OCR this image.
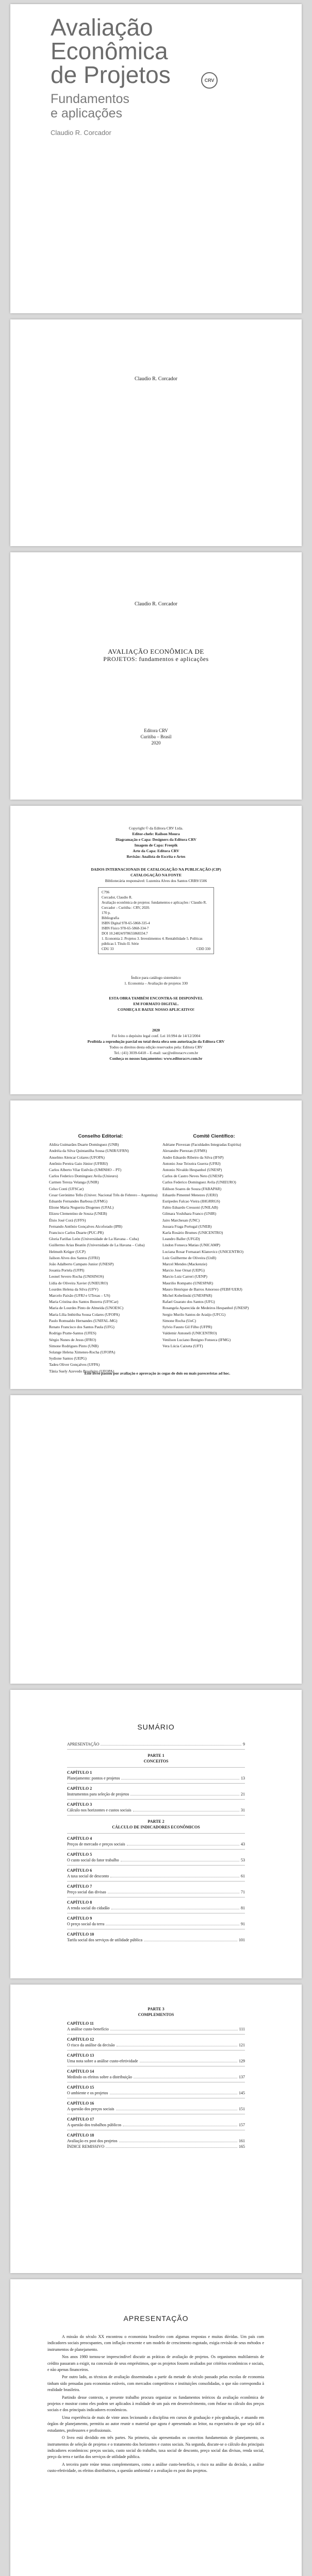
Avaliação
Econômica
de Projetos	CRV
Fundamentos
e aplicações
Claudio R. Corcador
Claudio R. Corcador
Claudio R. Corcador
AVALIAÇÃO ECONÔMICA DE
PROJETOS: fundamentos e aplicações
Editora CRV
Curitiba – Brasil
2020
Copyright © da Editora CRV Ltda.
Editor-chefe: Railson Moura
Diagramação e Capa: Designers da Editora CRV
Imagem de Capa: Freepik
Arte da Capa: Editora CRV
Revisão: Analista de Escrita e Artes
DADOS INTERNACIONAIS DE CATALOGAÇÃO NA PUBLICAÇÃO (CIP)
CATALOGAÇÃO NA FONTE
Bibliotecária responsável: Luzenira Alves dos Santos CRB9/1506
C796
Corcador, Claudio R.
Avaliação econômica de projetos: fundamentos e aplicações / Claudio R. Corcador – Curitiba : CRV, 2020.
170 p.
Bibliografia
ISBN Digital 978-65-5868-335-4
ISBN Físico 978-65-5868-334-7
DOI 10.24824/978655868334.7
1. Economia 2. Projetos 3. Investimentos 4. Rentabilidade 5. Políticas públicas I. Título II. Série
CDU 33	CDD 330
Índice para catálogo sistemático
1. Economia – Avaliação de projetos 330
ESTA OBRA TAMBÉM ENCONTRA-SE DISPONÍVEL
EM FORMATO DIGITAL.
CONHEÇA E BAIXE NOSSO APLICATIVO!
2020
Foi feito o depósito legal conf. Lei 10.994 de 14/12/2004
Proibida a reprodução parcial ou total desta obra sem autorização da Editora CRV
Todos os direitos desta edição reservados pela: Editora CRV
Tel.: (41) 3039-6418 – E-mail: sac@editoracrv.com.br
Conheça os nossos lançamentos: www.editoracrv.com.br
Conselho Editorial:
Aldira Guimarães Duarte Domínguez (UNB)
Andréia da Silva Quintanilha Sousa (UNIR/UFRN)
Anselmo Alencar Colares (UFOPA)
Antônio Pereira Gaio Júnior (UFRRJ)
Carlos Alberto Vilar Estêvão (UMINHO – PT)
Carlos Federico Dominguez Avila (Unieuro)
Carmen Tereza Velanga (UNIR)
Celso Conti (UFSCar)
Cesar Gerónimo Tello (Univer. Nacional Três de Febrero – Argentina)
Eduardo Fernandes Barbosa (UFMG)
Elione Maria Nogueira Diogenes (UFAL)
Elizeu Clementino de Souza (UNEB)
Élsio José Corá (UFFS)
Fernando Antônio Gonçalves Alcoforado (IPB)
Francisco Carlos Duarte (PUC-PR)
Gloria Fariñas León (Universidade de La Havana – Cuba)
Guillermo Arias Beatón (Universidade de La Havana – Cuba)
Helmuth Krüger (UCP)
Jailson Alves dos Santos (UFRJ)
João Adalberto Campato Junior (UNESP)
Josania Portela (UFPI)
Leonel Severo Rocha (UNISINOS)
Lídia de Oliveira Xavier (UNIEURO)
Lourdes Helena da Silva (UFV)
Marcelo Paixão (UFRJ e UTexas – US)
Maria Cristina dos Santos Bezerra (UFSCar)
Maria de Lourdes Pinto de Almeida (UNOESC)
Maria Lília Imbiriba Sousa Colares (UFOPA)
Paulo Romualdo Hernandes (UNIFAL-MG)
Renato Francisco dos Santos Paula (UFG)
Rodrigo Pratte-Santos (UFES)
Sérgio Nunes de Jesus (IFRO)
Simone Rodrigues Pinto (UNB)
Solange Helena Ximenes-Rocha (UFOPA)
Sydione Santos (UEPG)
Tadeu Oliver Gonçalves (UFPA)
Tânia Suely Azevedo Brasileiro (UFOPA)
Comitê Científico:
Adriane Piovezan (Faculdades Integradas Espírita)
Alexandre Pierezan (UFMS)
Andre Eduardo Ribeiro da Silva (IFSP)
Antonio Jose Teixeira Guerra (UFRJ)
Antonio Nivaldo Hespanhol (UNESP)
Carlos de Castro Neves Neto (UNESP)
Carlos Federico Dominguez Avila (UNIEURO)
Edilson Soares de Souza (FABAPAR)
Eduardo Pimentel Menezes (UERJ)
Euripedes Falcao Vieira (IHGRRGS)
Fabio Eduardo Cressoni (UNILAB)
Gilmara Yoshihara Franco (UNIR)
Jairo Marchesan (UNC)
Jussara Fraga Portugal (UNEB)
Karla Rosário Brumes (UNICENTRO)
Leandro Baller (UFGD)
Lindon Fonseca Matias (UNICAMP)
Luciana Rosar Fornazari Klanovicz (UNICENTRO)
Luiz Guilherme de Oliveira (UnB)
Marcel Mendes (Mackenzie)
Marcio Jose Ornat (UEPG)
Marcio Luiz Carreri (UENP)
Maurilio Rompatto (UNESPAR)
Mauro Henrique de Barros Amoroso (FEBF/UERJ)
Michel Kobelinski (UNESPAR)
Rafael Guarato dos Santos (UFG)
Rosangela Aparecida de Medeiros Hespanhol (UNESP)
Sergio Murilo Santos de Araújo (UFCG)
Simone Rocha (UnC)
Sylvio Fausto Gil Filho (UFPR)
Valdemir Antoneli (UNICENTRO)
Venilson Luciano Benigno Fonseca (IFMG)
Vera Lúcia Caixeta (UFT)
Este livro passou por avaliação e aprovação às cegas de dois ou mais pareceristas ad hoc.
SUMÁRIO
APRESENTAÇÃO	9
PARTE 1
CONCEITOS
CAPÍTULO 1
Planejamento: pontos e projetos	13
CAPÍTULO 2
Instrumentos para seleção de projetos	21
CAPÍTULO 3
Cálculo nos horizontes e custos sociais	31
PARTE 2
CÁLCULO DE INDICADORES ECONÔMICOS
CAPÍTULO 4
Preços de mercado e preços sociais	43
CAPÍTULO 5
O custo social do fator trabalho	53
CAPÍTULO 6
A taxa social de desconto	61
CAPÍTULO 7
Preço social das divisas	71
CAPÍTULO 8
A renda social do cidadão	81
CAPÍTULO 9
O preço social da terra	91
CAPÍTULO 10
Tarifa social dos serviços de utilidade pública	101
PARTE 3
COMPLEMENTOS
CAPÍTULO 11
A análise custo-benefício	111
CAPÍTULO 12
O risco da análise da decisão	121
CAPÍTULO 13
Uma nota sobre a análise custo-efetividade	129
CAPÍTULO 14
Medindo os efeitos sobre a distribuição	137
CAPÍTULO 15
O ambiente e os projetos	145
CAPÍTULO 16
A questão dos preços sociais	151
CAPÍTULO 17
A questão dos trabalhos públicos	157
CAPÍTULO 18
Avaliação ex post dos projetos	161
ÍNDICE REMISSIVO	165
APRESENTAÇÃO

A missão do século XX encontrou o economista brasileiro com algumas respostas e muitas dúvidas. Um país com indicadores sociais preocupantes, com inflação crescente e um modelo de crescimento esgotado, exigia revisão de seus métodos e instrumentos de planejamento.

Nos anos 1980 tornou-se imprescindível discutir as práticas de avaliação de projetos. Os organismos multilaterais de crédito passaram a exigir, na concessão de seus empréstimos, que os projetos fossem avaliados por critérios econômicos e sociais, e não apenas financeiros.

Por outro lado, as técnicas de avaliação disseminadas a partir da metade do século passado pelas escolas de economia tinham sido pensadas para economias estáveis, com mercados competitivos e instituições consolidadas, o que não correspondia à realidade brasileira.

Partindo desse contexto, o presente trabalho procura organizar os fundamentos teóricos da avaliação econômica de projetos e mostrar como eles podem ser aplicados à realidade de um país em desenvolvimento, com ênfase no cálculo dos preços sociais e dos principais indicadores econômicos.

Uma experiência de mais de vinte anos lecionando a disciplina em cursos de graduação e pós-graduação, e atuando em órgãos de planejamento, permitiu ao autor reunir o material que agora é apresentado ao leitor, na expectativa de que seja útil a estudantes, professores e profissionais.

O livro está dividido em três partes. Na primeira, são apresentados os conceitos fundamentais de planejamento, os instrumentos de seleção de projetos e o tratamento dos horizontes e custos sociais. Na segunda, discute-se o cálculo dos principais indicadores econômicos: preços sociais, custo social do trabalho, taxa social de desconto, preço social das divisas, renda social, preço da terra e tarifas dos serviços de utilidade pública.

A terceira parte reúne temas complementares, como a análise custo-benefício, o risco na análise da decisão, a análise custo-efetividade, os efeitos distributivos, a questão ambiental e a avaliação ex post dos projetos.
